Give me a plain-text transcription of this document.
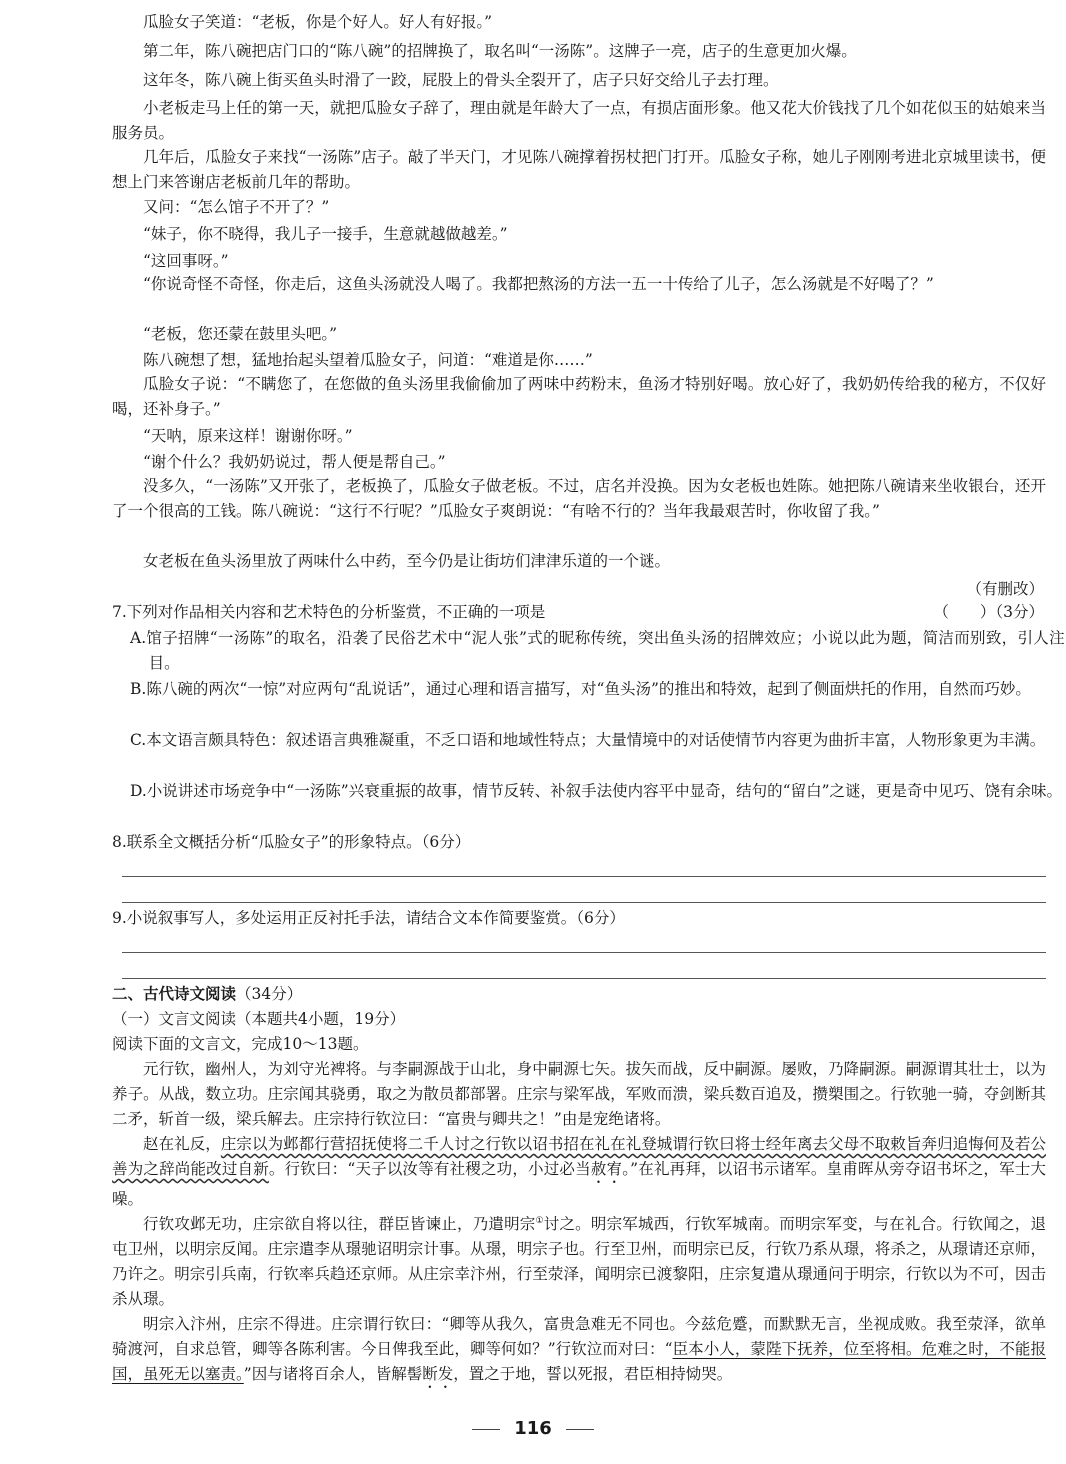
瓜脸女子笑道：“老板，你是个好人。好人有好报。”

第二年，陈八碗把店门口的“陈八碗”的招牌换了，取名叫“一汤陈”。这牌子一亮，店子的生意更加火爆。

这年冬，陈八碗上街买鱼头时滑了一跤，屁股上的骨头全裂开了，店子只好交给儿子去打理。

小老板走马上任的第一天，就把瓜脸女子辞了，理由就是年龄大了一点，有损店面形象。他又花大价钱找了几个如花似玉的姑娘来当服务员。

几年后，瓜脸女子来找“一汤陈”店子。敲了半天门，才见陈八碗撑着拐杖把门打开。瓜脸女子称，她儿子刚刚考进北京城里读书，便想上门来答谢店老板前几年的帮助。

又问：“怎么馆子不开了？”

“妹子，你不晓得，我儿子一接手，生意就越做越差。”

“这回事呀。”

“你说奇怪不奇怪，你走后，这鱼头汤就没人喝了。我都把熬汤的方法一五一十传给了儿子，怎么汤就是不好喝了？”

“老板，您还蒙在鼓里头吧。”

陈八碗想了想，猛地抬起头望着瓜脸女子，问道：“难道是你……”

瓜脸女子说：“不瞒您了，在您做的鱼头汤里我偷偷加了两味中药粉末，鱼汤才特别好喝。放心好了，我奶奶传给我的秘方，不仅好喝，还补身子。”

“天呐，原来这样！谢谢你呀。”

“谢个什么？我奶奶说过，帮人便是帮自己。”

没多久，“一汤陈”又开张了，老板换了，瓜脸女子做老板。不过，店名并没换。因为女老板也姓陈。她把陈八碗请来坐收银台，还开了一个很高的工钱。陈八碗说：“这行不行呢？”瓜脸女子爽朗说：“有啥不行的？当年我最艰苦时，你收留了我。”

女老板在鱼头汤里放了两味什么中药，至今仍是让街坊们津津乐道的一个谜。

（有删改）

7.下列对作品相关内容和艺术特色的分析鉴赏，不正确的一项是	（　　）（3分）

A.馆子招牌“一汤陈”的取名，沿袭了民俗艺术中“泥人张”式的昵称传统，突出鱼头汤的招牌效应；小说以此为题，简洁而别致，引人注目。

B.陈八碗的两次“一惊”对应两句“乱说话”，通过心理和语言描写，对“鱼头汤”的推出和特效，起到了侧面烘托的作用，自然而巧妙。

C.本文语言颇具特色：叙述语言典雅凝重，不乏口语和地域性特点；大量情境中的对话使情节内容更为曲折丰富，人物形象更为丰满。

D.小说讲述市场竞争中“一汤陈”兴衰重振的故事，情节反转、补叙手法使内容平中显奇，结句的“留白”之谜，更是奇中见巧、饶有余味。

8.联系全文概括分析“瓜脸女子”的形象特点。（6分）

9.小说叙事写人，多处运用正反衬托手法，请结合文本作简要鉴赏。（6分）

二、古代诗文阅读（34分）

（一）文言文阅读（本题共4小题，19分）

阅读下面的文言文，完成10～13题。

元行钦，幽州人，为刘守光裨将。与李嗣源战于山北，身中嗣源七矢。拔矢而战，反中嗣源。屡败，乃降嗣源。嗣源谓其壮士，以为养子。从战，数立功。庄宗闻其骁勇，取之为散员都部署。庄宗与梁军战，军败而溃，梁兵数百追及，攒槊围之。行钦驰一骑，夺剑断其二矛，斩首一级，梁兵解去。庄宗持行钦泣曰：“富贵与卿共之！”由是宠绝诸将。

赵在礼反，庄宗以为邺都行营招抚使将二千人讨之行钦以诏书招在礼在礼登城谓行钦曰将士经年离去父母不取敕旨奔归追悔何及若公善为之辞尚能改过自新。行钦曰：“天子以汝等有社稷之功，小过必当赦宥。”在礼再拜，以诏书示诸军。皇甫晖从旁夺诏书坏之，军士大噪。

行钦攻邺无功，庄宗欲自将以往，群臣皆谏止，乃遣明宗①讨之。明宗军城西，行钦军城南。而明宗军变，与在礼合。行钦闻之，退屯卫州，以明宗反闻。庄宗遣李从璟驰诏明宗计事。从璟，明宗子也。行至卫州，而明宗已反，行钦乃系从璟，将杀之，从璟请还京师，乃许之。明宗引兵南，行钦率兵趋还京师。从庄宗幸汴州，行至荥泽，闻明宗已渡黎阳，庄宗复遣从璟通问于明宗，行钦以为不可，因击杀从璟。

明宗入汴州，庄宗不得进。庄宗谓行钦曰：“卿等从我久，富贵急难无不同也。今兹危蹙，而默默无言，坐视成败。我至荥泽，欲单骑渡河，自求总管，卿等各陈利害。今日俾我至此，卿等何如？”行钦泣而对曰：“臣本小人，蒙陛下抚养，位至将相。危难之时，不能报国，虽死无以塞责。”因与诸将百余人，皆解髻断发，置之于地，誓以死报，君臣相持恸哭。

116
